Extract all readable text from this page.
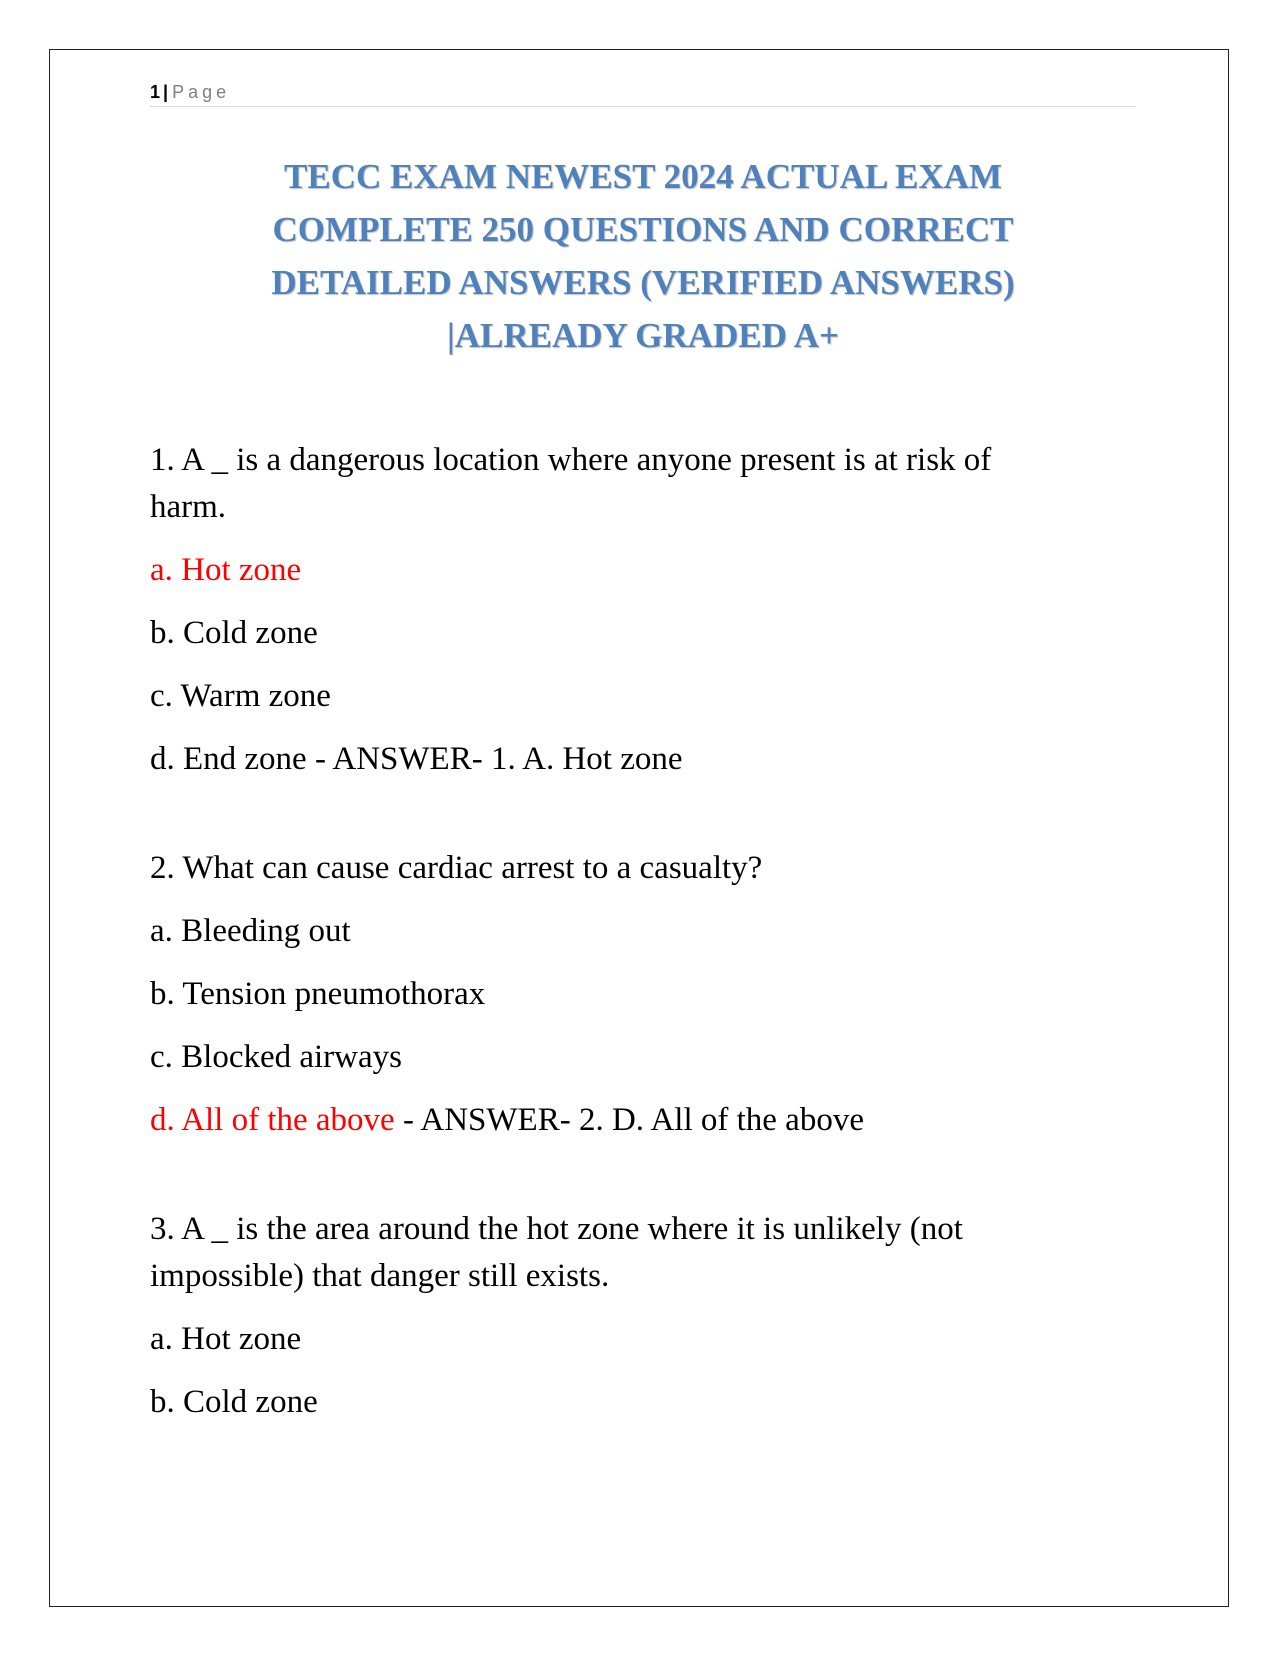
1 | Page
TECC EXAM NEWEST 2024 ACTUAL EXAM
COMPLETE 250 QUESTIONS AND CORRECT
DETAILED ANSWERS (VERIFIED ANSWERS)
|ALREADY GRADED A+

1. A _ is a dangerous location where anyone present is at risk of
harm.

a. Hot zone

b. Cold zone

c. Warm zone

d. End zone - ANSWER- 1. A. Hot zone

2. What can cause cardiac arrest to a casualty?

a. Bleeding out

b. Tension pneumothorax

c. Blocked airways

d. All of the above - ANSWER- 2. D. All of the above

3. A _ is the area around the hot zone where it is unlikely (not
impossible) that danger still exists.

a. Hot zone

b. Cold zone
